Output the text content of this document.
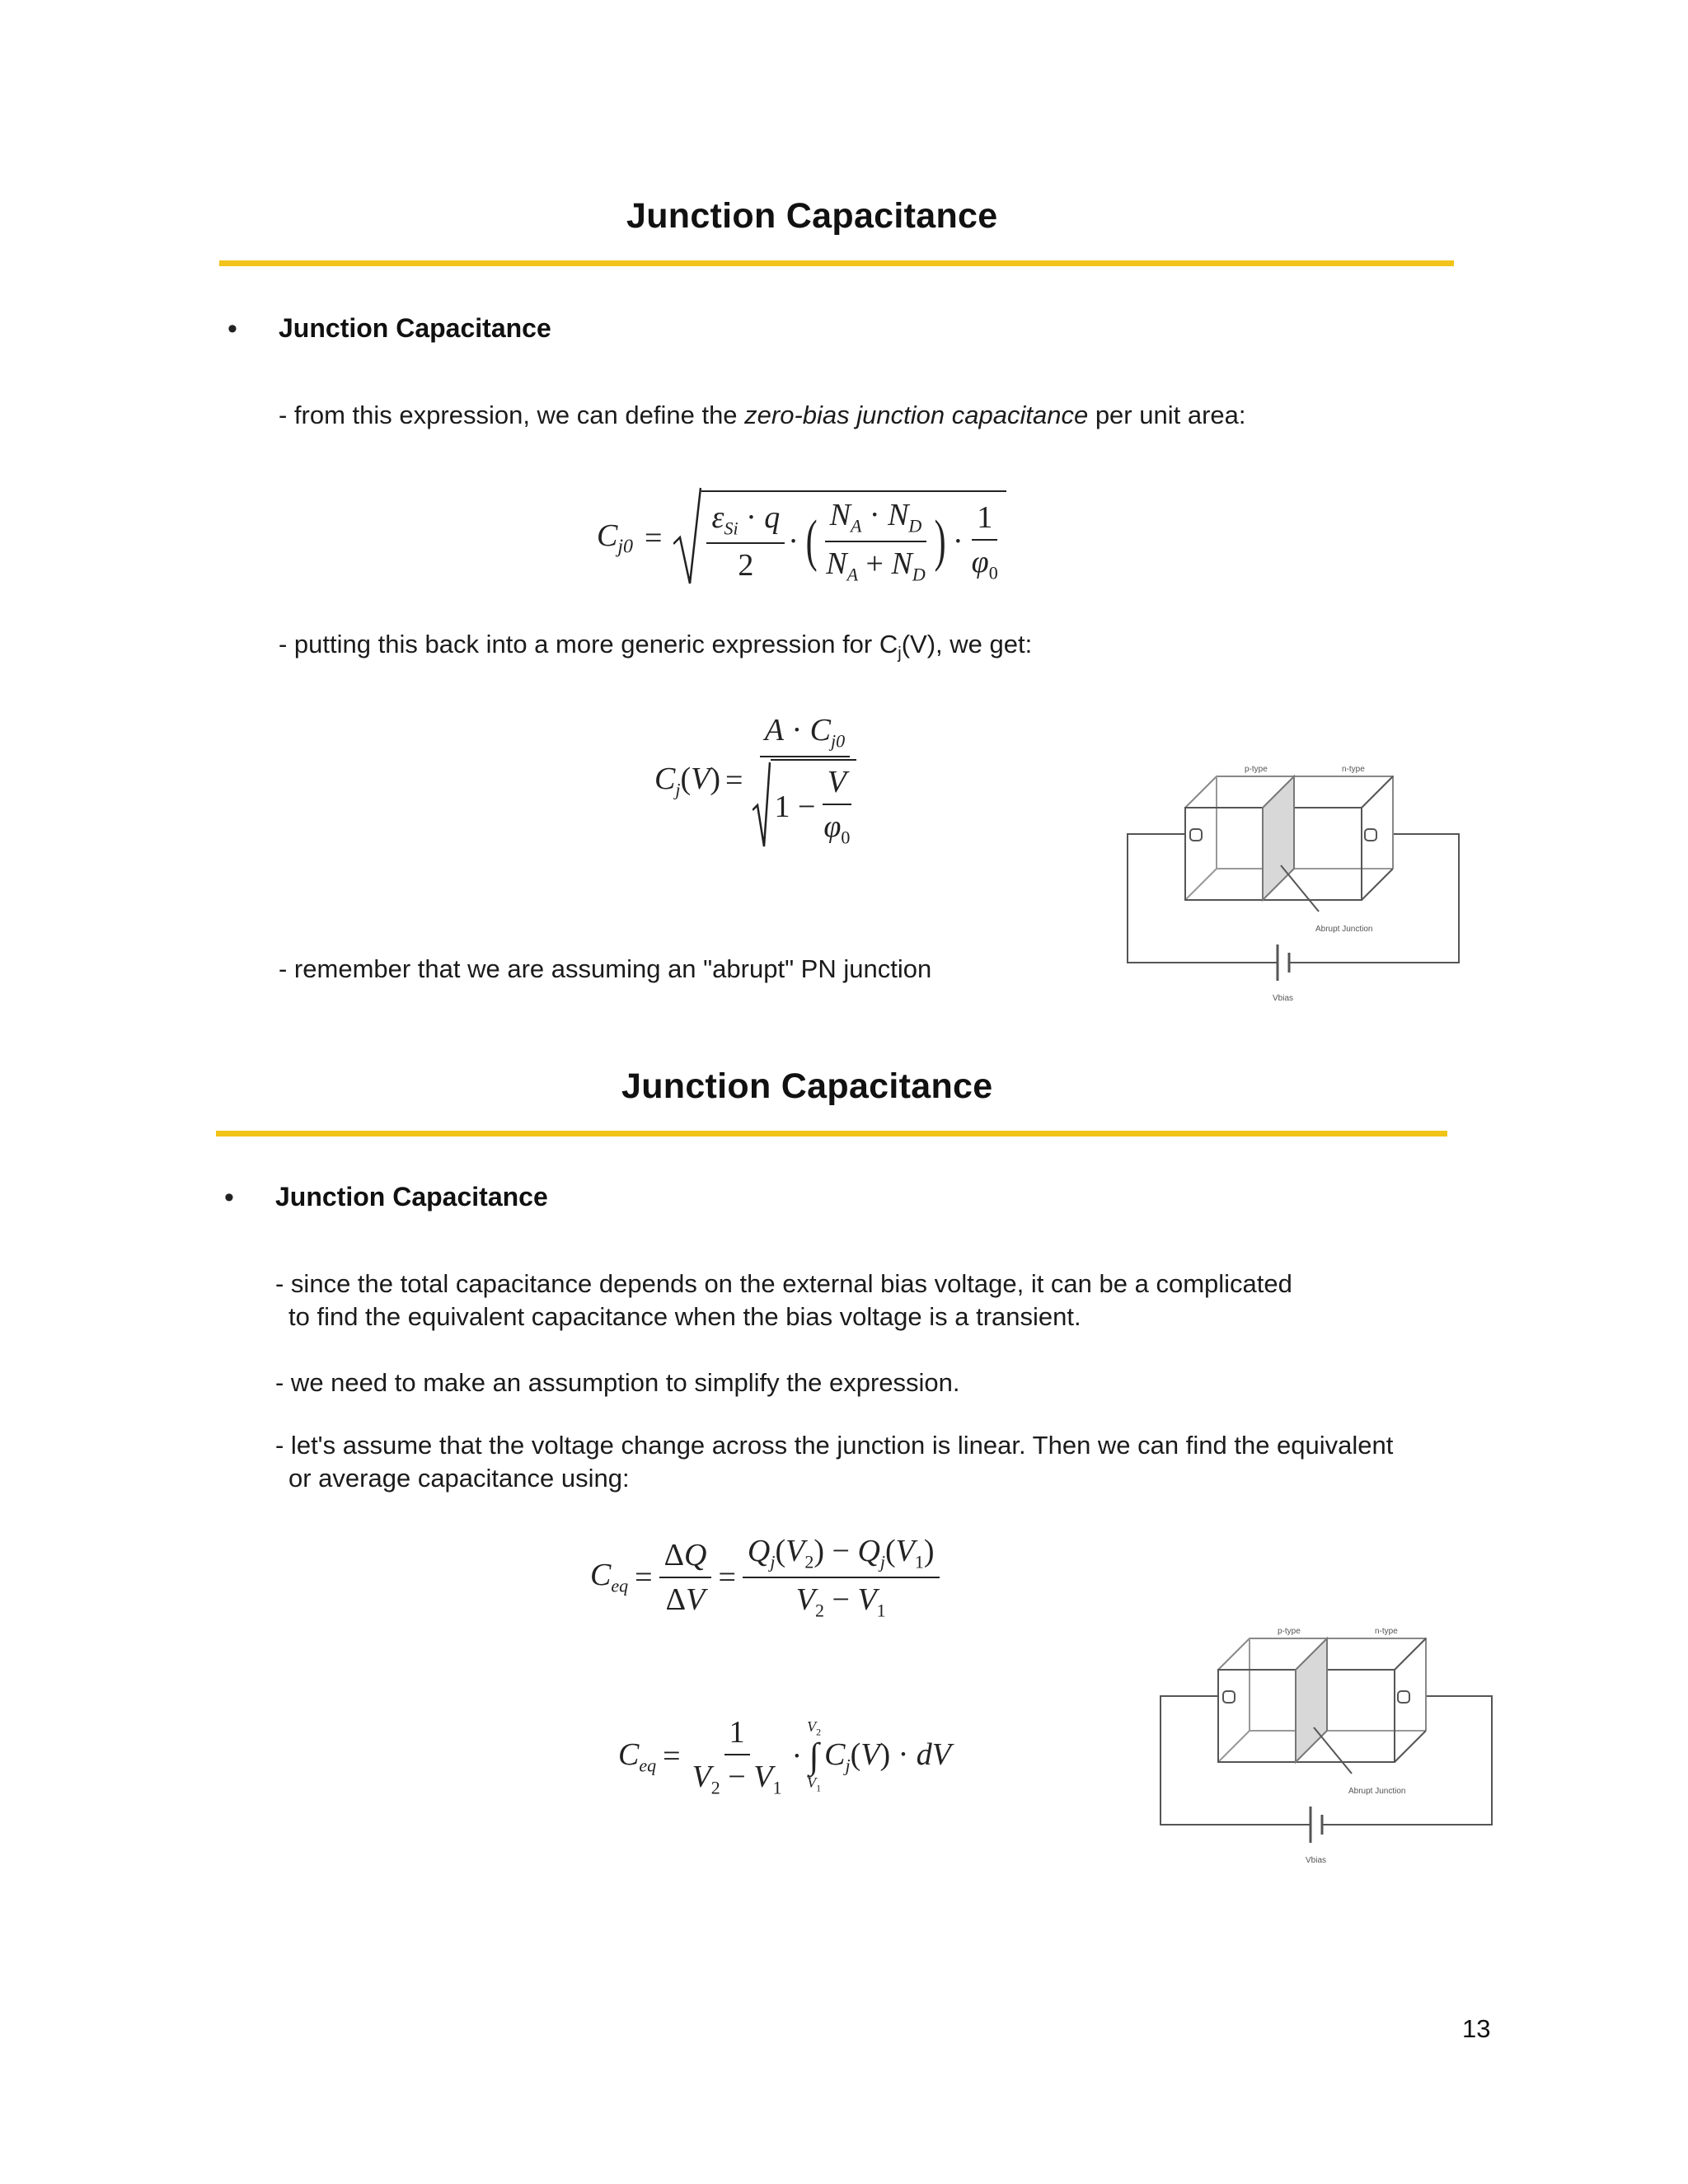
Junction Capacitance
• Junction Capacitance
- from this expression, we can define the zero-bias junction capacitance per unit area:
$C_{j0} = \frac{\varepsilon_{Si} \cdot q}{2}$ · ( $\frac{N_A \cdot N_D}{N_A + N_D}$ ) · $\frac{1}{\varphi_0}$
- putting this back into a more generic expression for $C_j(V)$, we get:
$C_j(V) = \frac{A \cdot C_{j0}}{1 - \frac{V}{\varphi_0}}$
- remember that we are assuming an "abrupt" PN junction
p-type	n-type
Abrupt Junction
Vbias
Junction Capacitance
• Junction Capacitance
- since the total capacitance depends on the external bias voltage, it can be a complicated
to find the equivalent capacitance when the bias voltage is a transient.
- we need to make an assumption to simplify the expression.
- let's assume that the voltage change across the junction is linear. Then we can find the equivalent
or average capacitance using:
$C_{eq} = \frac{\Delta Q}{\Delta V} = \frac{Q_j(V_2) - Q_j(V_1)}{V_2 - V_1}$
$C_{eq} = \frac{1}{V_2 - V_1}$ ·
$V_2$
∫
$V_1$
$C_j(V)$ · dV
p-type	n-type
Abrupt Junction
Vbias
13
